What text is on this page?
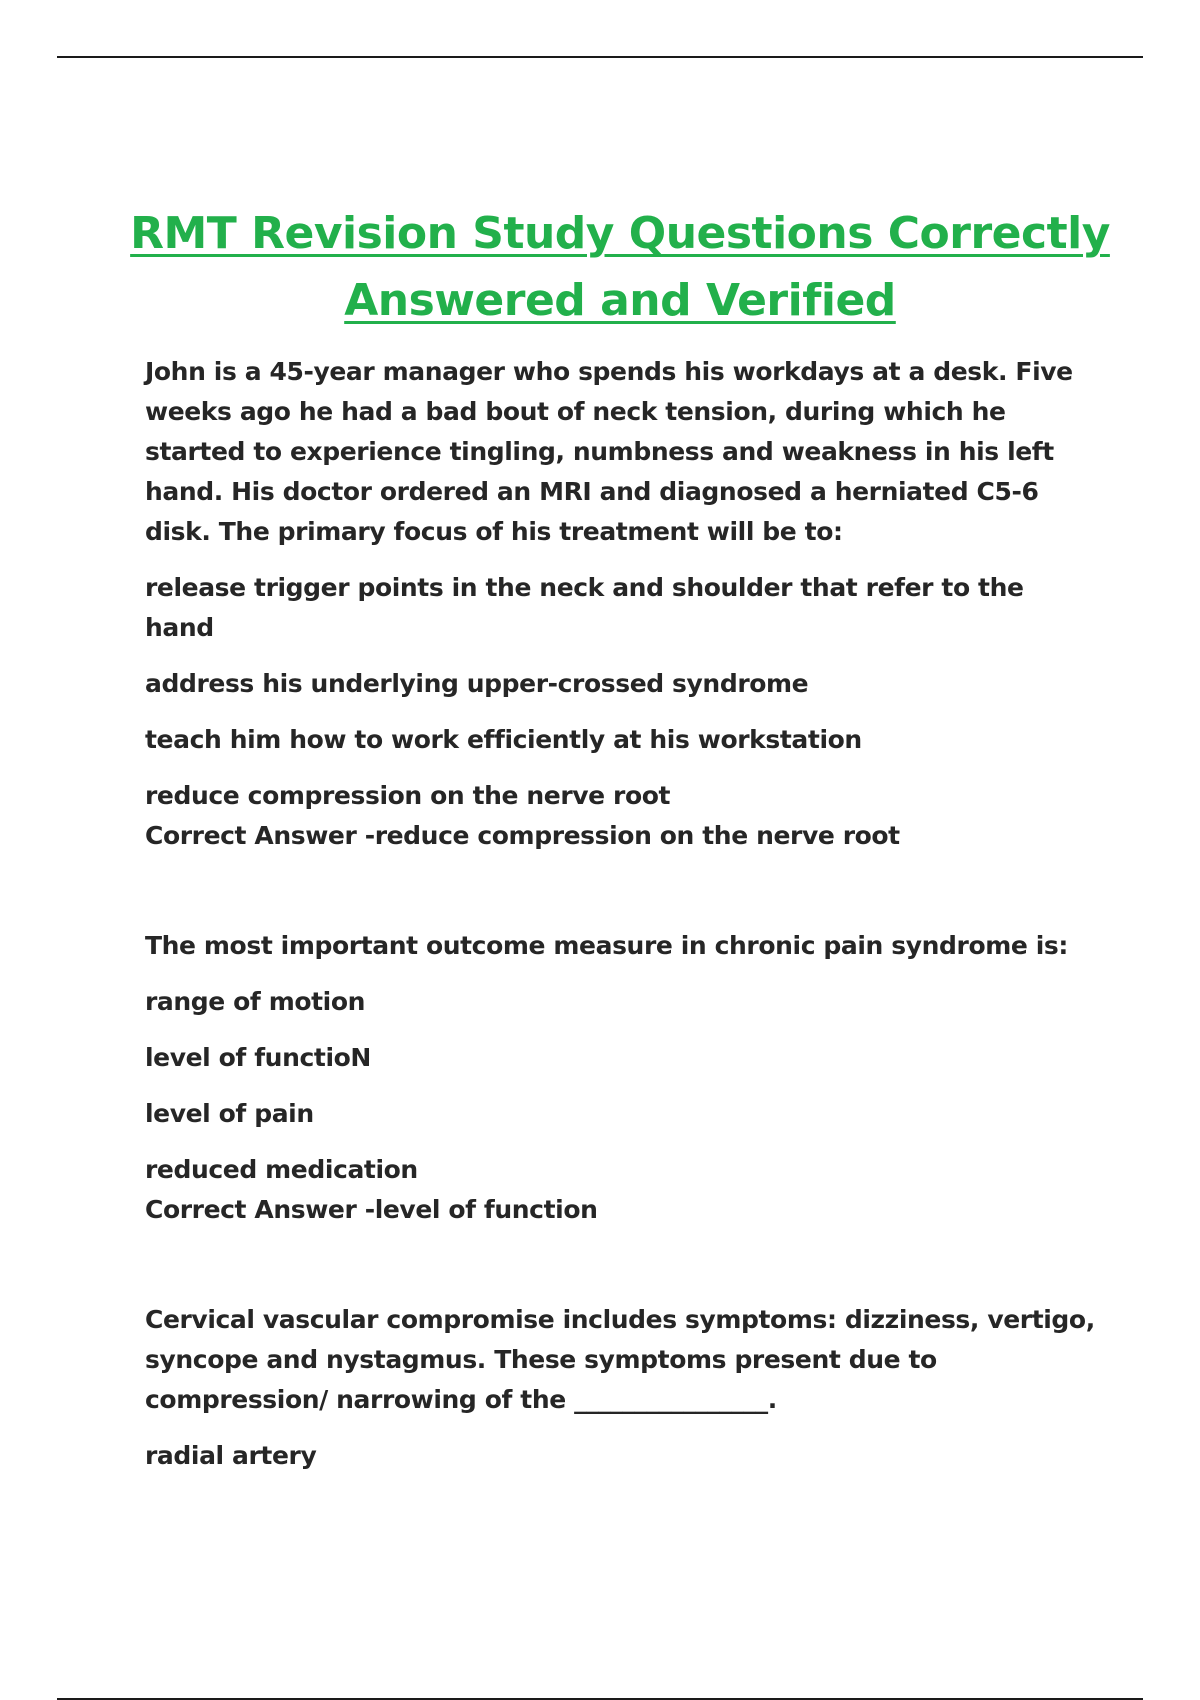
RMT Revision Study Questions Correctly Answered and Verified

John is a 45-year manager who spends his workdays at a desk. Five weeks ago he had a bad bout of neck tension, during which he started to experience tingling, numbness and weakness in his left hand. His doctor ordered an MRI and diagnosed a herniated C5-6 disk. The primary focus of his treatment will be to:

release trigger points in the neck and shoulder that refer to the hand

address his underlying upper-crossed syndrome

teach him how to work efficiently at his workstation

reduce compression on the nerve root

Correct Answer -reduce compression on the nerve root

The most important outcome measure in chronic pain syndrome is:

range of motion

level of functioN

level of pain

reduced medication

Correct Answer -level of function

Cervical vascular compromise includes symptoms: dizziness, vertigo, syncope and nystagmus. These symptoms present due to compression/ narrowing of the ________________.

radial artery
